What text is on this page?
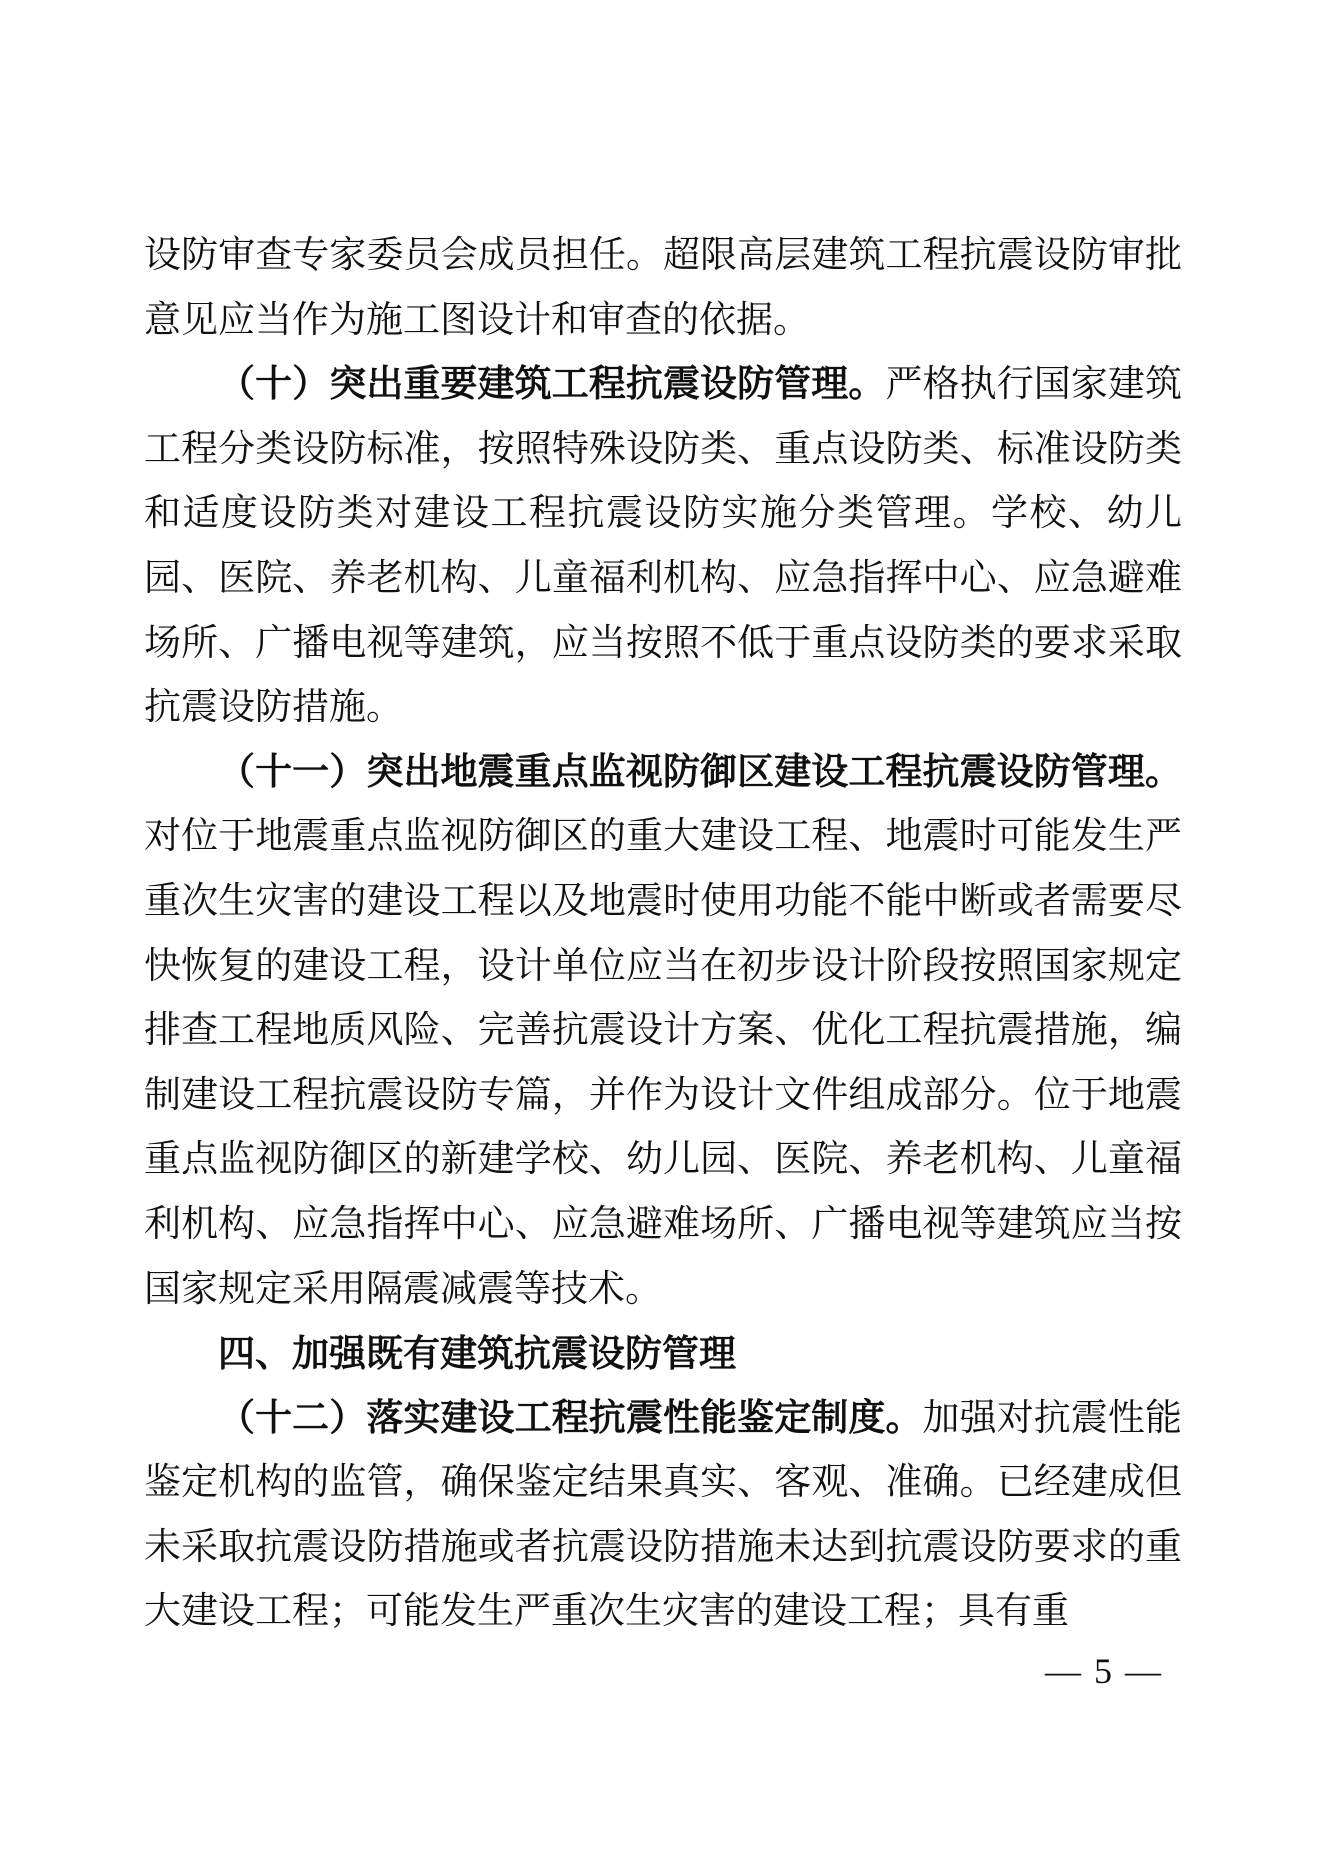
设防审查专家委员会成员担任。超限高层建筑工程抗震设防审批意见应当作为施工图设计和审查的依据。
（十）突出重要建筑工程抗震设防管理。严格执行国家建筑工程分类设防标准，按照特殊设防类、重点设防类、标准设防类和适度设防类对建设工程抗震设防实施分类管理。学校、幼儿园、医院、养老机构、儿童福利机构、应急指挥中心、应急避难场所、广播电视等建筑，应当按照不低于重点设防类的要求采取抗震设防措施。
（十一）突出地震重点监视防御区建设工程抗震设防管理。对位于地震重点监视防御区的重大建设工程、地震时可能发生严重次生灾害的建设工程以及地震时使用功能不能中断或者需要尽快恢复的建设工程，设计单位应当在初步设计阶段按照国家规定排查工程地质风险、完善抗震设计方案、优化工程抗震措施，编制建设工程抗震设防专篇，并作为设计文件组成部分。位于地震重点监视防御区的新建学校、幼儿园、医院、养老机构、儿童福利机构、应急指挥中心、应急避难场所、广播电视等建筑应当按国家规定采用隔震减震等技术。
四、加强既有建筑抗震设防管理
（十二）落实建设工程抗震性能鉴定制度。加强对抗震性能鉴定机构的监管，确保鉴定结果真实、客观、准确。已经建成但未采取抗震设防措施或者抗震设防措施未达到抗震设防要求的重大建设工程；可能发生严重次生灾害的建设工程；具有重
— 5 —
